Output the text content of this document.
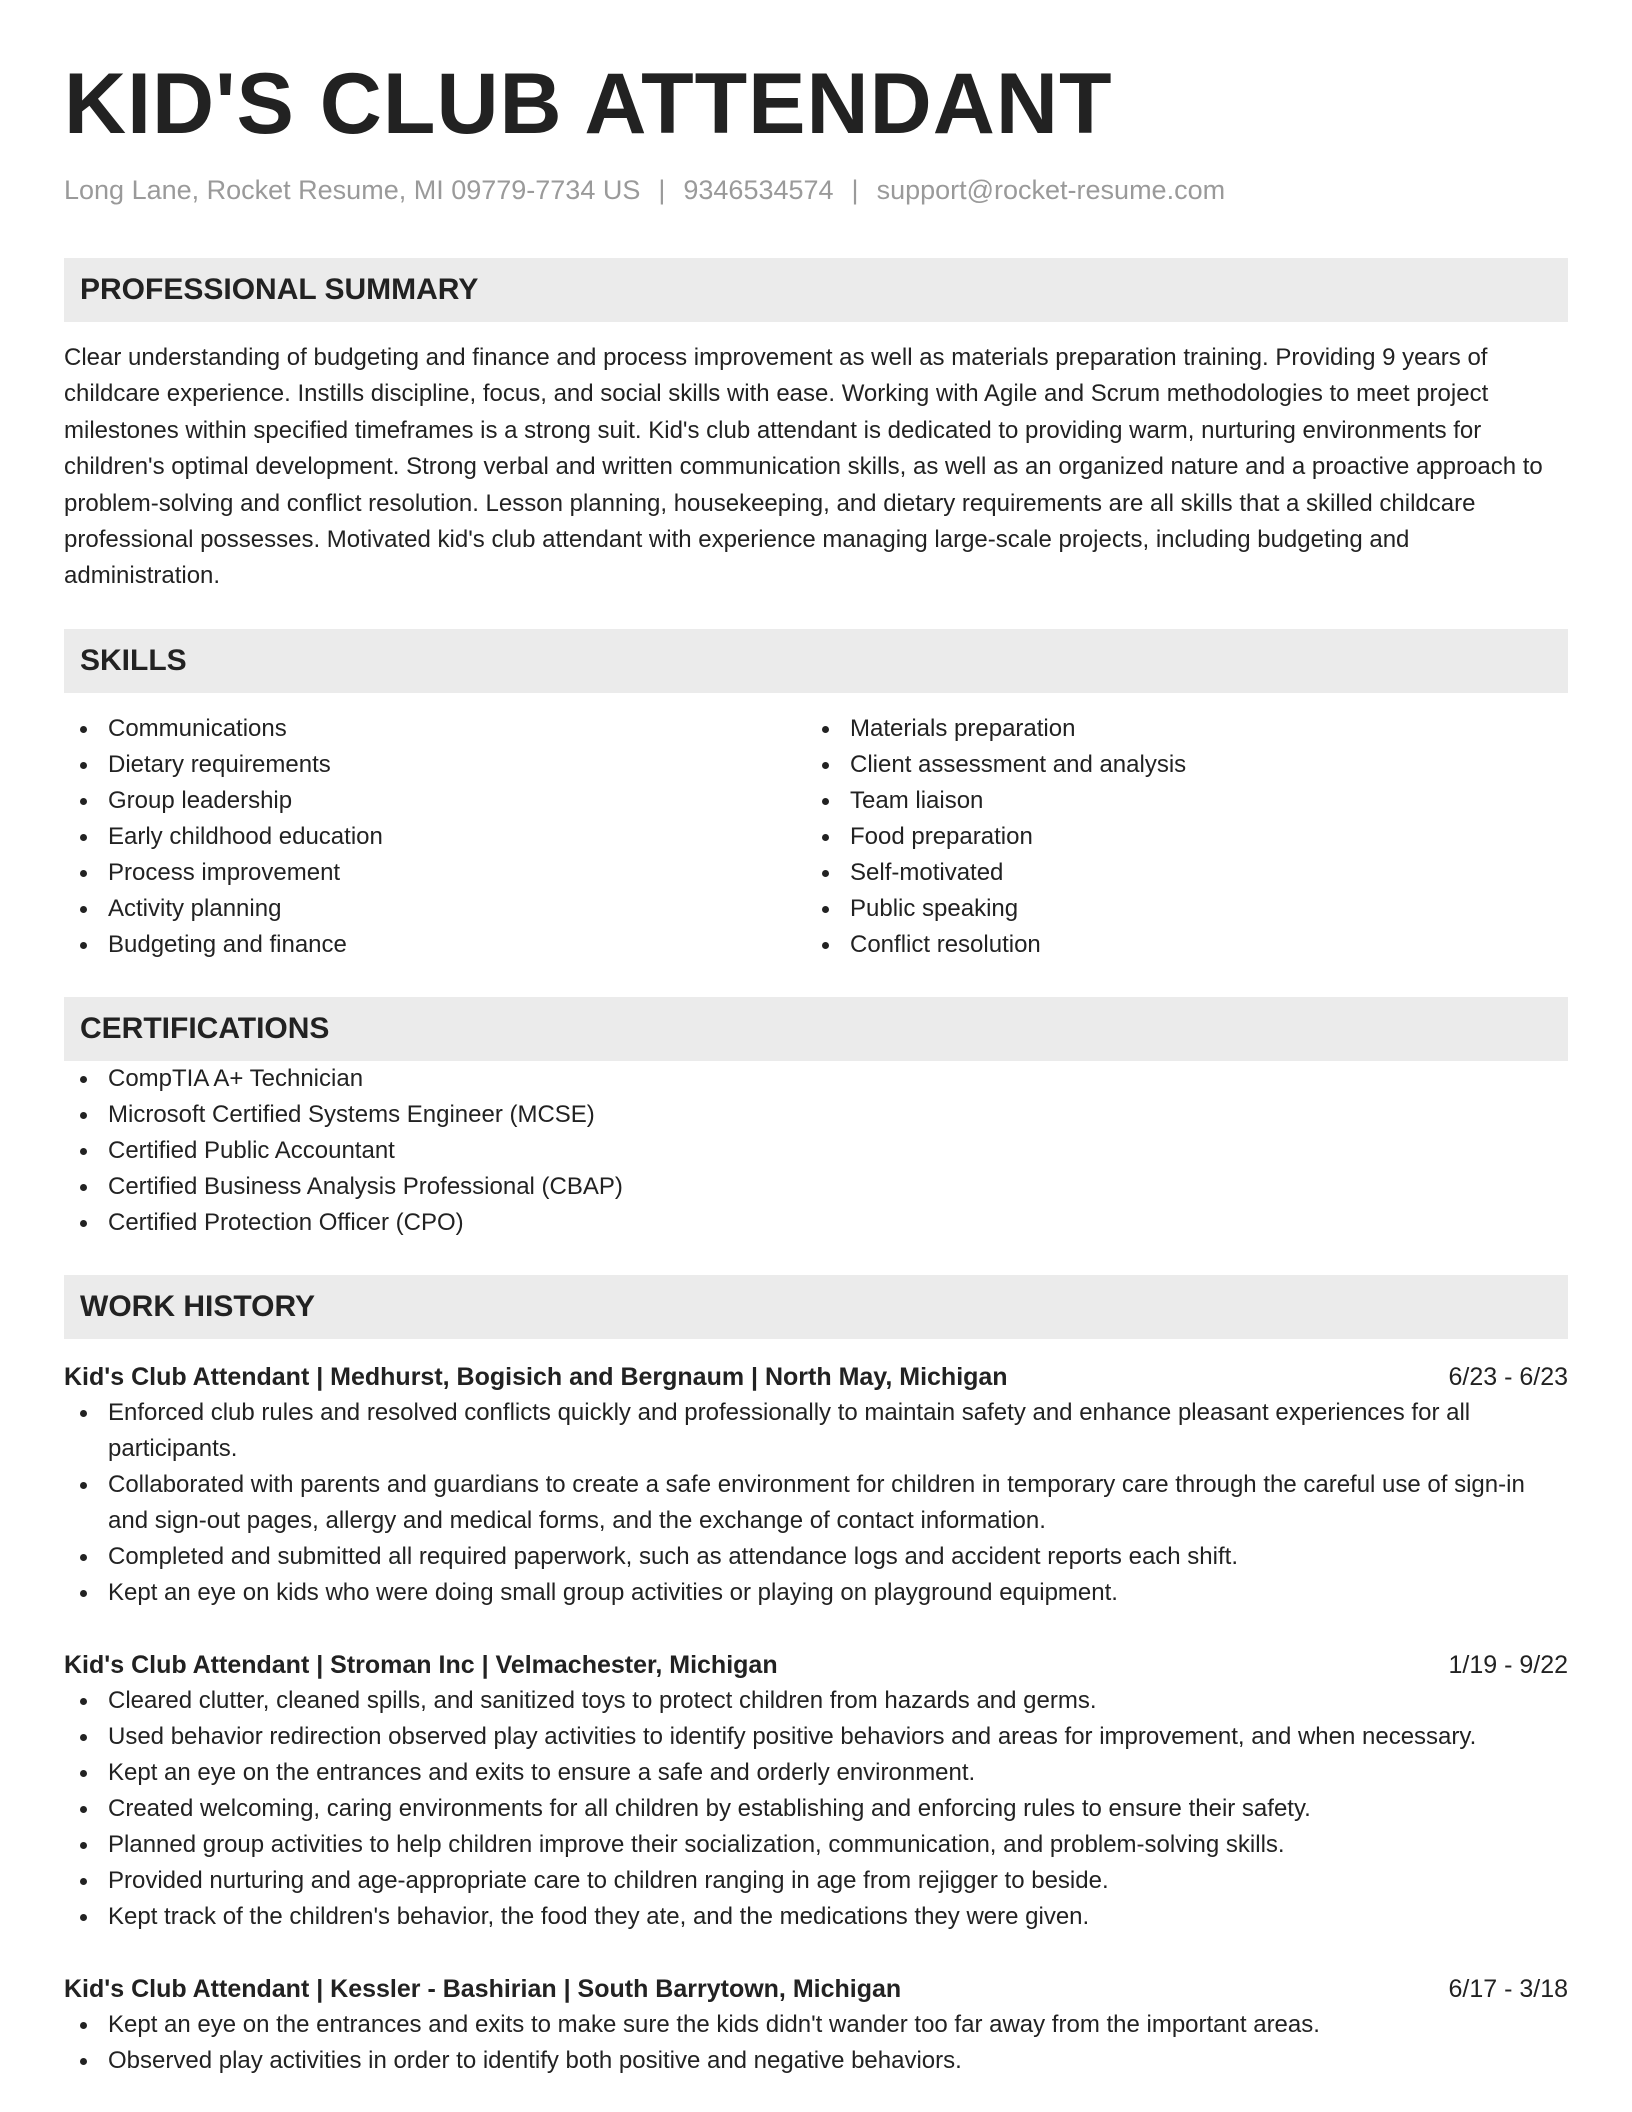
KID'S CLUB ATTENDANT
Long Lane, Rocket Resume, MI 09779-7734 US | 9346534574 | support@rocket-resume.com
PROFESSIONAL SUMMARY

Clear understanding of budgeting and finance and process improvement as well as materials preparation training. Providing 9 years of childcare experience. Instills discipline, focus, and social skills with ease. Working with Agile and Scrum methodologies to meet project milestones within specified timeframes is a strong suit. Kid's club attendant is dedicated to providing warm, nurturing environments for children's optimal development. Strong verbal and written communication skills, as well as an organized nature and a proactive approach to problem-solving and conflict resolution. Lesson planning, housekeeping, and dietary requirements are all skills that a skilled childcare professional possesses. Motivated kid's club attendant with experience managing large-scale projects, including budgeting and administration.

SKILLS
Communications
Dietary requirements
Group leadership
Early childhood education
Process improvement
Activity planning
Budgeting and finance
Materials preparation
Client assessment and analysis
Team liaison
Food preparation
Self-motivated
Public speaking
Conflict resolution
CERTIFICATIONS
CompTIA A+ Technician
Microsoft Certified Systems Engineer (MCSE)
Certified Public Accountant
Certified Business Analysis Professional (CBAP)
Certified Protection Officer (CPO)
WORK HISTORY
Kid's Club Attendant | Medhurst, Bogisich and Bergnaum | North May, Michigan	6/23 - 6/23
Enforced club rules and resolved conflicts quickly and professionally to maintain safety and enhance pleasant experiences for all participants.
Collaborated with parents and guardians to create a safe environment for children in temporary care through the careful use of sign-in and sign-out pages, allergy and medical forms, and the exchange of contact information.
Completed and submitted all required paperwork, such as attendance logs and accident reports each shift.
Kept an eye on kids who were doing small group activities or playing on playground equipment.
Kid's Club Attendant | Stroman Inc | Velmachester, Michigan	1/19 - 9/22
Cleared clutter, cleaned spills, and sanitized toys to protect children from hazards and germs.
Used behavior redirection observed play activities to identify positive behaviors and areas for improvement, and when necessary.
Kept an eye on the entrances and exits to ensure a safe and orderly environment.
Created welcoming, caring environments for all children by establishing and enforcing rules to ensure their safety.
Planned group activities to help children improve their socialization, communication, and problem-solving skills.
Provided nurturing and age-appropriate care to children ranging in age from rejigger to beside.
Kept track of the children's behavior, the food they ate, and the medications they were given.
Kid's Club Attendant | Kessler - Bashirian | South Barrytown, Michigan	6/17 - 3/18
Kept an eye on the entrances and exits to make sure the kids didn't wander too far away from the important areas.
Observed play activities in order to identify both positive and negative behaviors.
